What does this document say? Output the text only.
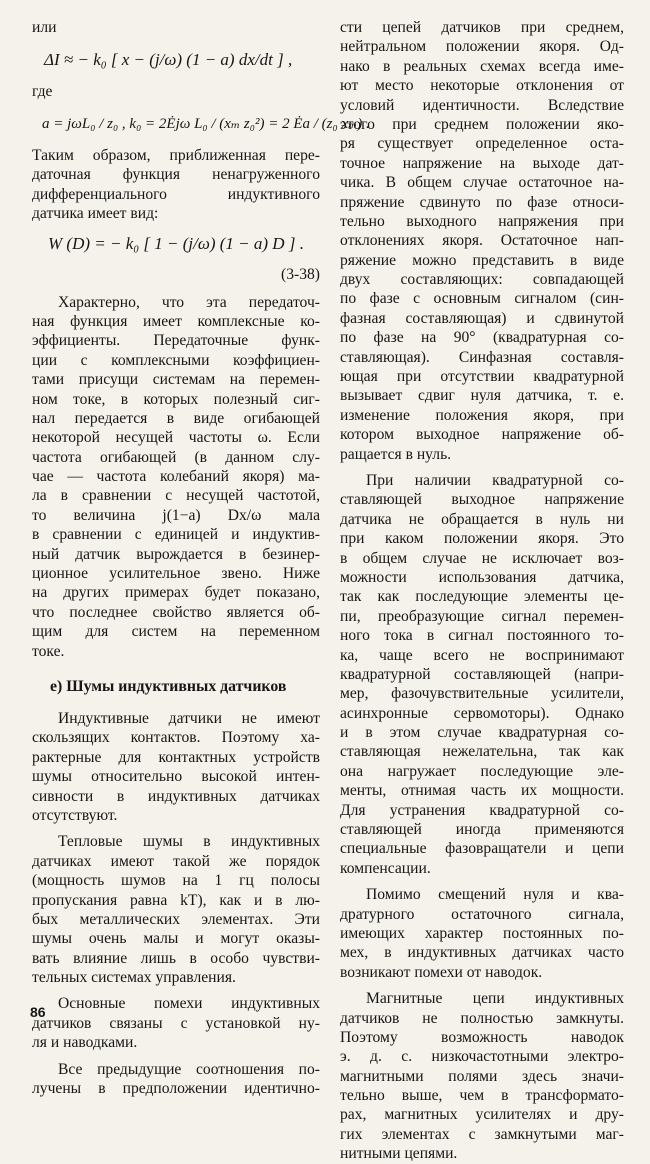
или
ΔI ≈ − k₀ [ x − (j/ω) (1 − a) dx/dt ] ,
где
a = jωL₀ / z₀ , k₀ = 2Ėjω L₀ / (xₘ z₀²) = 2 Ėa / (z₀ xₘ) .
Таким образом, приближенная пере-
даточная функция ненагруженного
дифференциального индуктивного
датчика имеет вид:
W (D) = − k₀ [ 1 − (j/ω) (1 − a) D ] .
(3-38)
Характерно, что эта передаточ-
ная функция имеет комплексные ко-
эффициенты. Передаточные функ-
ции с комплексными коэффициен-
тами присущи системам на перемен-
ном токе, в которых полезный сиг-
нал передается в виде огибающей
некоторой несущей частоты ω. Если
частота огибающей (в данном слу-
чае — частота колебаний якоря) ма-
ла в сравнении с несущей частотой,
то величина j(1−a) Dx/ω мала
в сравнении с единицей и индуктив-
ный датчик вырождается в безинер-
ционное усилительное звено. Ниже
на других примерах будет показано,
что последнее свойство является об-
щим для систем на переменном
токе.
е) Шумы индуктивных датчиков
Индуктивные датчики не имеют
скользящих контактов. Поэтому ха-
рактерные для контактных устройств
шумы относительно высокой интен-
сивности в индуктивных датчиках
отсутствуют.
Тепловые шумы в индуктивных
датчиках имеют такой же порядок
(мощность шумов на 1 гц полосы
пропускания равна kT), как и в лю-
бых металлических элементах. Эти
шумы очень малы и могут оказы-
вать влияние лишь в особо чувстви-
тельных системах управления.
Основные помехи индуктивных
датчиков связаны с установкой ну-
ля и наводками.
Все предыдущие соотношения по-
лучены в предположении идентично-
сти цепей датчиков при среднем,
нейтральном положении якоря. Од-
нако в реальных схемах всегда име-
ют место некоторые отклонения от
условий идентичности. Вследствие
этого при среднем положении яко-
ря существует определенное оста-
точное напряжение на выходе дат-
чика. В общем случае остаточное на-
пряжение сдвинуто по фазе относи-
тельно выходного напряжения при
отклонениях якоря. Остаточное нап-
ряжение можно представить в виде
двух составляющих: совпадающей
по фазе с основным сигналом (син-
фазная составляющая) и сдвинутой
по фазе на 90° (квадратурная со-
ставляющая). Синфазная составля-
ющая при отсутствии квадратурной
вызывает сдвиг нуля датчика, т. е.
изменение положения якоря, при
котором выходное напряжение об-
ращается в нуль.
При наличии квадратурной со-
ставляющей выходное напряжение
датчика не обращается в нуль ни
при каком положении якоря. Это
в общем случае не исключает воз-
можности использования датчика,
так как последующие элементы це-
пи, преобразующие сигнал перемен-
ного тока в сигнал постоянного то-
ка, чаще всего не воспринимают
квадратурной составляющей (напри-
мер, фазочувствительные усилители,
асинхронные сервомоторы). Однако
и в этом случае квадратурная со-
ставляющая нежелательна, так как
она нагружает последующие эле-
менты, отнимая часть их мощности.
Для устранения квадратурной со-
ставляющей иногда применяются
специальные фазовращатели и цепи
компенсации.
Помимо смещений нуля и ква-
дратурного остаточного сигнала,
имеющих характер постоянных по-
мех, в индуктивных датчиках часто
возникают помехи от наводок.
Магнитные цепи индуктивных
датчиков не полностью замкнуты.
Поэтому возможность наводок
э. д. с. низкочастотными электро-
магнитными полями здесь значи-
тельно выше, чем в трансформато-
рах, магнитных усилителях и дру-
гих элементах с замкнутыми маг-
нитными цепями.
86
